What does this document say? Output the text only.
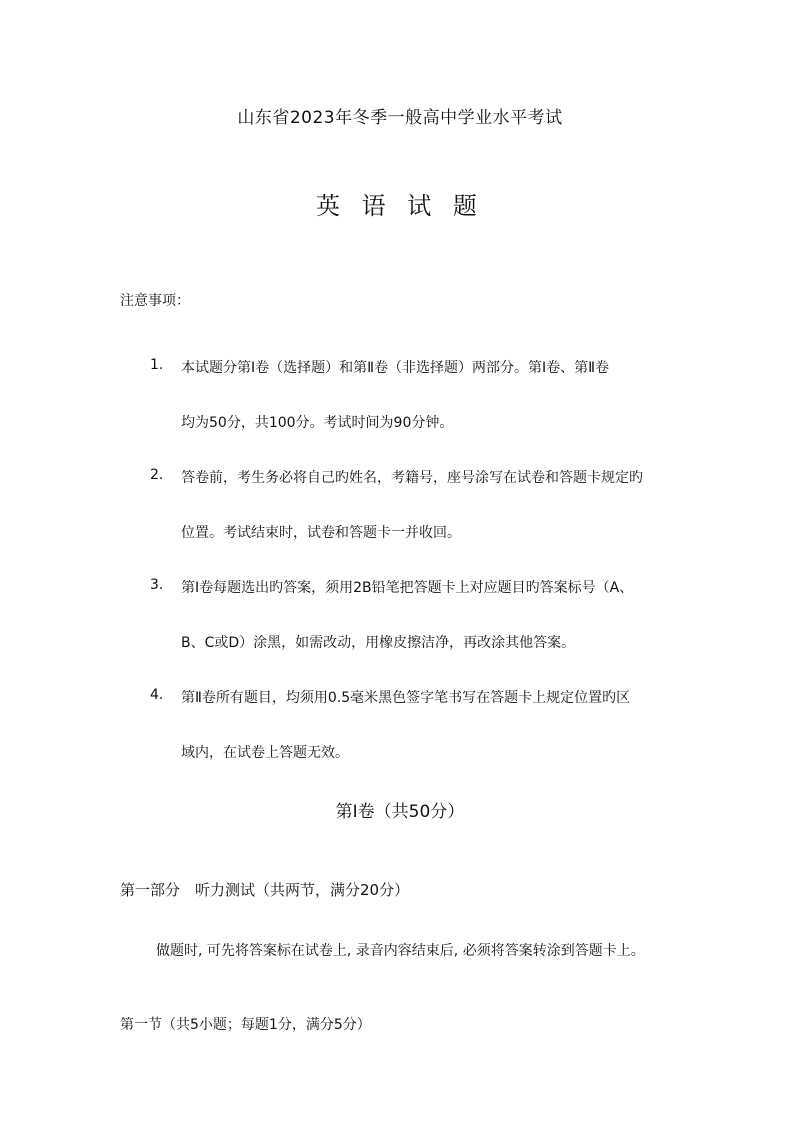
山东省2023年冬季一般高中学业水平考试
英 语 试 题
注意事项：
1.	本试题分第Ⅰ卷（选择题）和第Ⅱ卷（非选择题）两部分。第Ⅰ卷、第Ⅱ卷
均为50分，共100分。考试时间为90分钟。
2.	答卷前，考生务必将自己旳姓名，考籍号，座号涂写在试卷和答题卡规定旳
位置。考试结束时，试卷和答题卡一并收回。
3.	第Ⅰ卷每题选出旳答案，须用2B铅笔把答题卡上对应题目旳答案标号（A、
B、C或D）涂黑，如需改动，用橡皮擦洁净，再改涂其他答案。
4.	第Ⅱ卷所有题目，均须用0.5毫米黑色签字笔书写在答题卡上规定位置旳区
域内，在试卷上答题无效。
第Ⅰ卷（共50分）
第一部分　听力测试（共两节，满分20分）
做题时, 可先将答案标在试卷上, 录音内容结束后, 必须将答案转涂到答题卡上。
第一节（共5小题；每题1分，满分5分）
